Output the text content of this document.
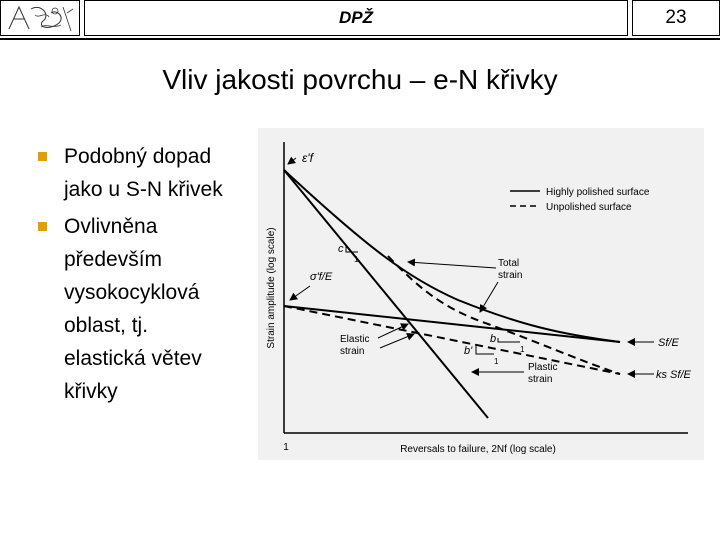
DPŽ	23
Vliv jakosti povrchu – e-N křivky
Podobný dopad
jako u S-N křivek
Ovlivněna
především
vysokocyklová
oblast, tj.
elastická větev
křivky
Strain amplitude (log scale)
Reversals to failure, 2Nf (log scale)
1
Highly polished surface
Unpolished surface
c
1
b
1
b'
1
ε'f
σ'f/E
Total
strain
Elastic
strain
Plastic
strain
Sf/E
ks Sf/E
